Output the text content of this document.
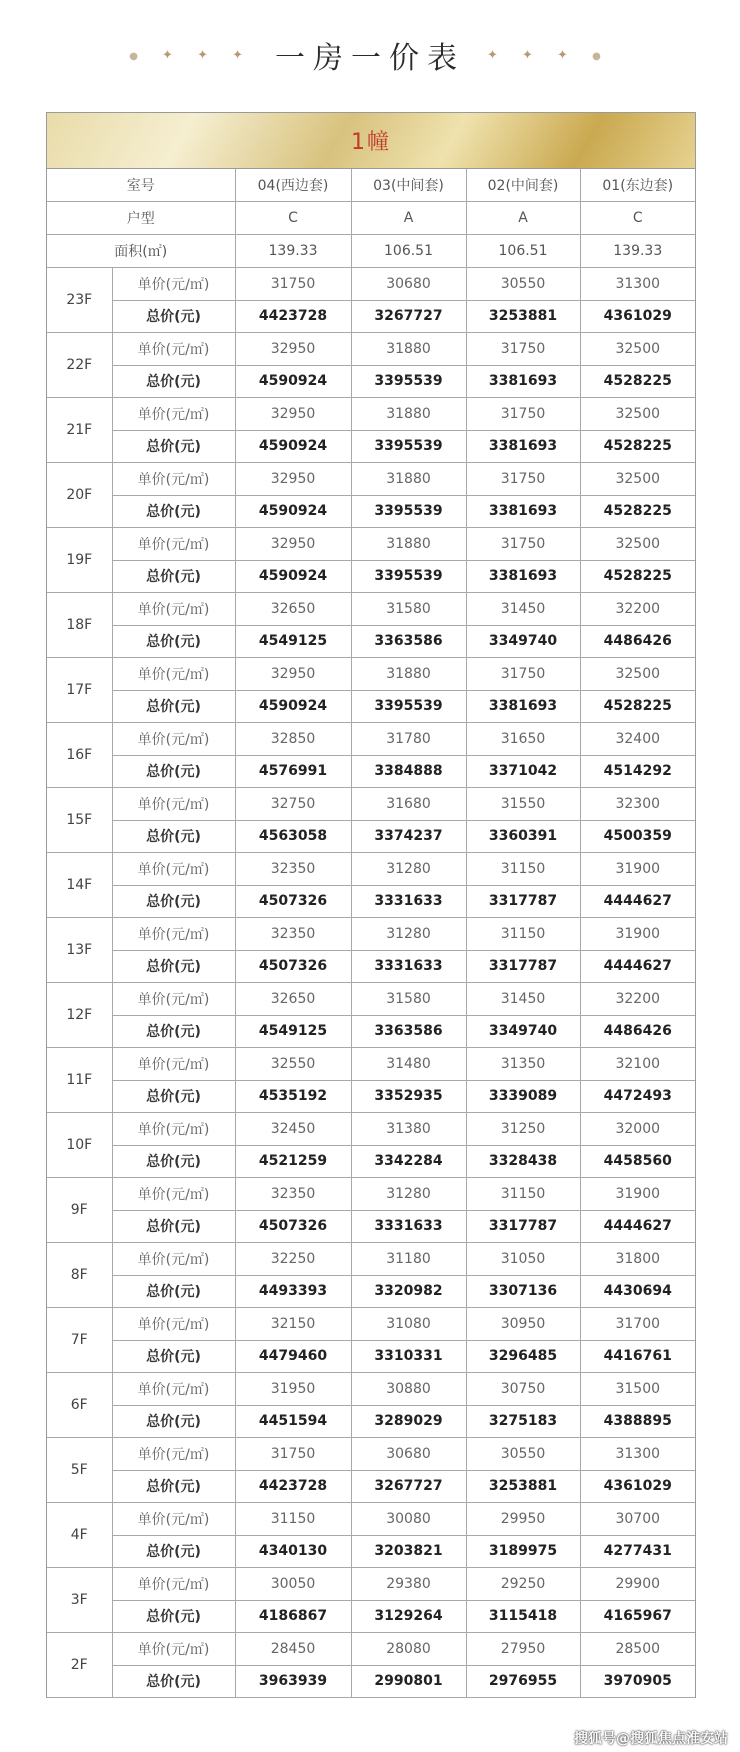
● ✦ ✦ ✦ 一房一价表 ✦ ✦ ✦ ●
1幢
室号		04(西边套)	03(中间套)	02(中间套)	01(东边套)
户型		C	A	A	C
面积(㎡)		139.33	106.51	106.51	139.33
23F	单价(元/㎡)	31750	30680	30550	31300
	总价(元)	4423728	3267727	3253881	4361029
22F	单价(元/㎡)	32950	31880	31750	32500
	总价(元)	4590924	3395539	3381693	4528225
21F	单价(元/㎡)	32950	31880	31750	32500
	总价(元)	4590924	3395539	3381693	4528225
20F	单价(元/㎡)	32950	31880	31750	32500
	总价(元)	4590924	3395539	3381693	4528225
19F	单价(元/㎡)	32950	31880	31750	32500
	总价(元)	4590924	3395539	3381693	4528225
18F	单价(元/㎡)	32650	31580	31450	32200
	总价(元)	4549125	3363586	3349740	4486426
17F	单价(元/㎡)	32950	31880	31750	32500
	总价(元)	4590924	3395539	3381693	4528225
16F	单价(元/㎡)	32850	31780	31650	32400
	总价(元)	4576991	3384888	3371042	4514292
15F	单价(元/㎡)	32750	31680	31550	32300
	总价(元)	4563058	3374237	3360391	4500359
14F	单价(元/㎡)	32350	31280	31150	31900
	总价(元)	4507326	3331633	3317787	4444627
13F	单价(元/㎡)	32350	31280	31150	31900
	总价(元)	4507326	3331633	3317787	4444627
12F	单价(元/㎡)	32650	31580	31450	32200
	总价(元)	4549125	3363586	3349740	4486426
11F	单价(元/㎡)	32550	31480	31350	32100
	总价(元)	4535192	3352935	3339089	4472493
10F	单价(元/㎡)	32450	31380	31250	32000
	总价(元)	4521259	3342284	3328438	4458560
9F	单价(元/㎡)	32350	31280	31150	31900
	总价(元)	4507326	3331633	3317787	4444627
8F	单价(元/㎡)	32250	31180	31050	31800
	总价(元)	4493393	3320982	3307136	4430694
7F	单价(元/㎡)	32150	31080	30950	31700
	总价(元)	4479460	3310331	3296485	4416761
6F	单价(元/㎡)	31950	30880	30750	31500
	总价(元)	4451594	3289029	3275183	4388895
5F	单价(元/㎡)	31750	30680	30550	31300
	总价(元)	4423728	3267727	3253881	4361029
4F	单价(元/㎡)	31150	30080	29950	30700
	总价(元)	4340130	3203821	3189975	4277431
3F	单价(元/㎡)	30050	29380	29250	29900
	总价(元)	4186867	3129264	3115418	4165967
2F	单价(元/㎡)	28450	28080	27950	28500
	总价(元)	3963939	2990801	2976955	3970905
搜狐号@搜狐焦点淮安站
